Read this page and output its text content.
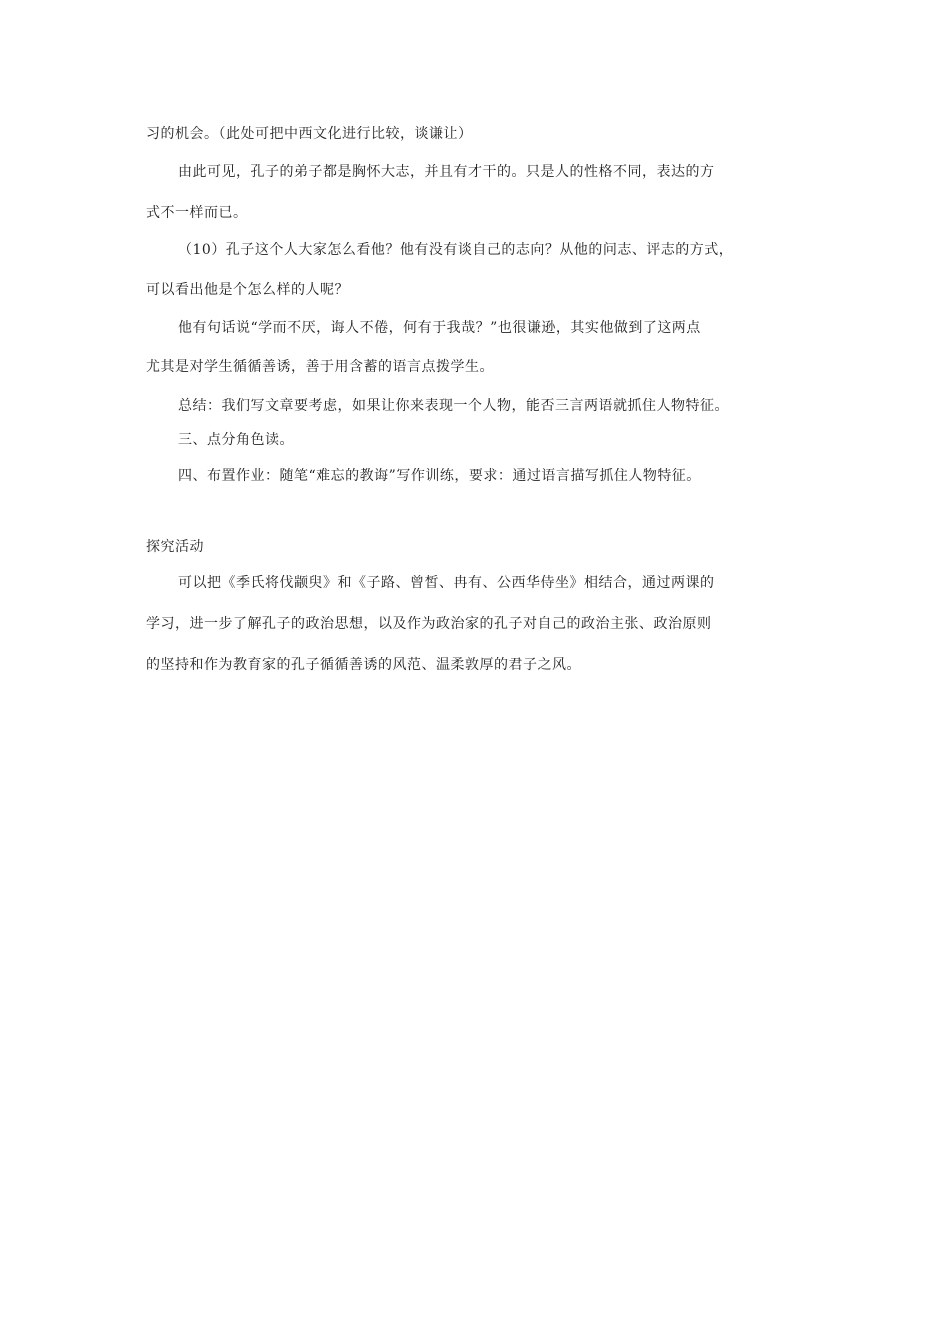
习的机会。（此处可把中西文化进行比较，谈谦让）
由此可见，孔子的弟子都是胸怀大志，并且有才干的。只是人的性格不同，表达的方
式不一样而已。
（10）孔子这个人大家怎么看他？他有没有谈自己的志向？从他的问志、评志的方式，
可以看出他是个怎么样的人呢？
他有句话说“学而不厌，诲人不倦，何有于我哉？”也很谦逊，其实他做到了这两点
尤其是对学生循循善诱，善于用含蓄的语言点拨学生。
总结：我们写文章要考虑，如果让你来表现一个人物，能否三言两语就抓住人物特征。
三、点分角色读。
四、布置作业：随笔“难忘的教诲”写作训练，要求：通过语言描写抓住人物特征。
探究活动
可以把《季氏将伐颛臾》和《子路、曾皙、冉有、公西华侍坐》相结合，通过两课的
学习，进一步了解孔子的政治思想，以及作为政治家的孔子对自己的政治主张、政治原则
的坚持和作为教育家的孔子循循善诱的风范、温柔敦厚的君子之风。
